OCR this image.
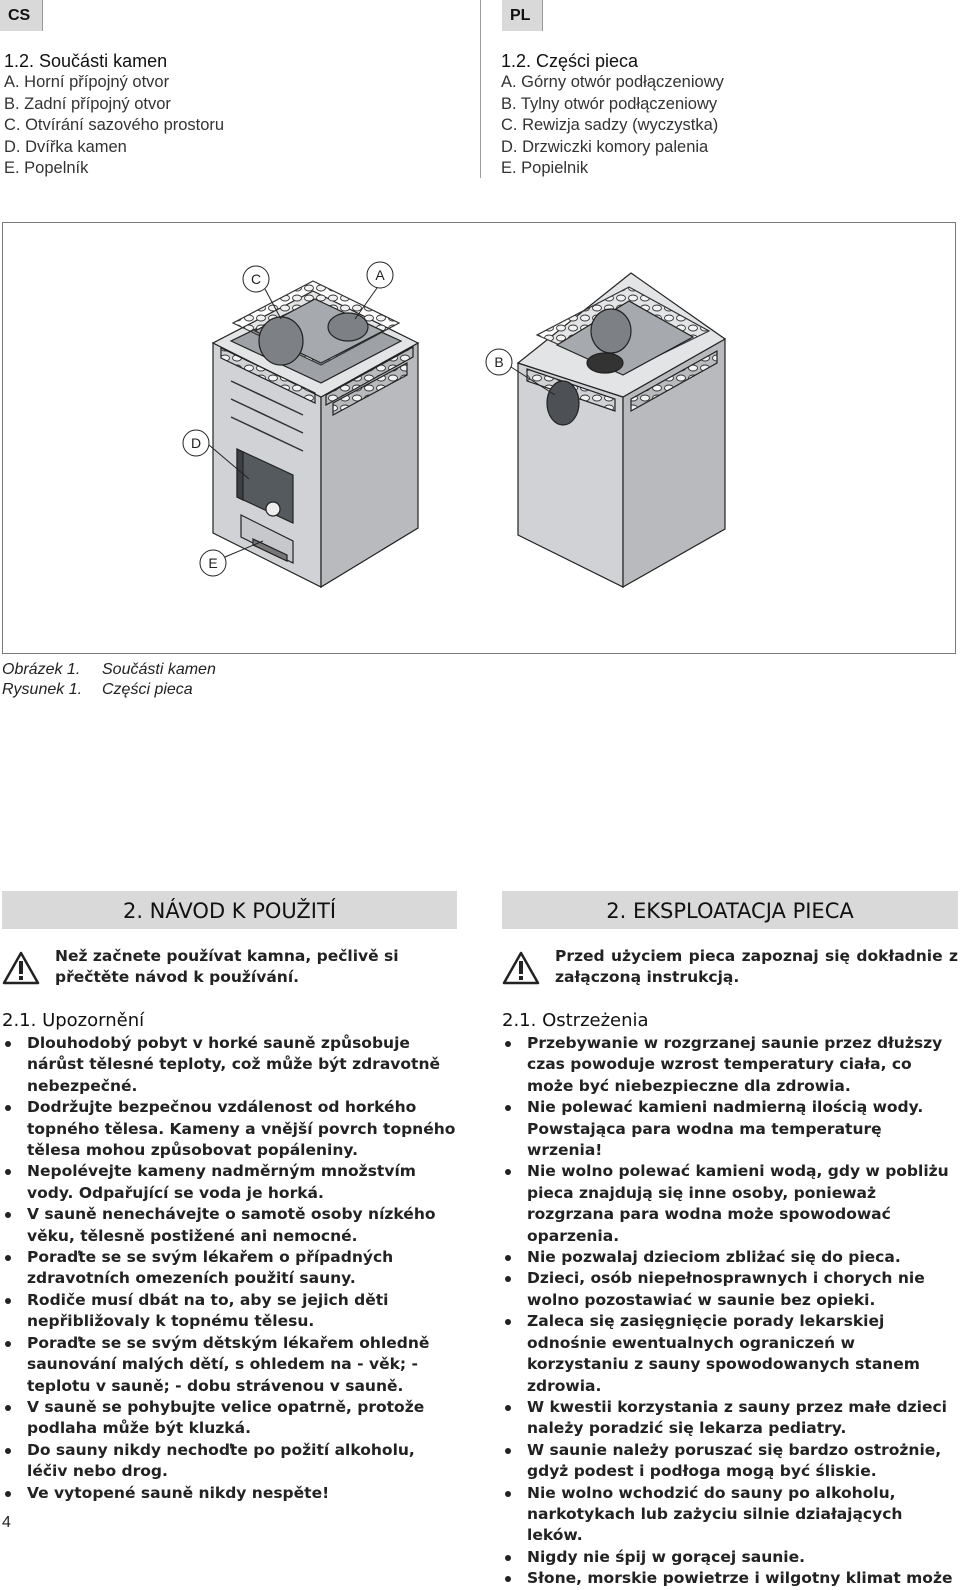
CS	PL
1.2. Součásti kamen
A. Horní přípojný otvor
B. Zadní přípojný otvor
C. Otvírání sazového prostoru
D. Dvířka kamen
E. Popelník
1.2. Części pieca
A. Górny otwór podłączeniowy
B. Tylny otwór podłączeniowy
C. Rewizja sadzy (wyczystka)
D. Drzwiczki komory palenia
E. Popielnik
C	A
B
D
E
Obrázek 1. Součásti kamen
Rysunek 1. Części pieca
2. NÁVOD K POUŽITÍ	2. EKSPLOATACJA PIECA
Než začnete používat kamna, pečlivě si přečtěte návod k používání.
Przed użyciem pieca zapoznaj się dokładnie z załączoną instrukcją.
2.1. Upozornění	2.1. Ostrzeżenia
Dlouhodobý pobyt v horké sauně způsobuje nárůst tělesné teploty, což může být zdravotně nebezpečné.
Dodržujte bezpečnou vzdálenost od horkého topného tělesa. Kameny a vnější povrch topného tělesa mohou způsobovat popáleniny.
Nepolévejte kameny nadměrným množstvím vody. Odpařující se voda je horká.
V sauně nenechávejte o samotě osoby nízkého věku, tělesně postižené ani nemocné.
Poraďte se se svým lékařem o případných zdravotních omezeních použití sauny.
Rodiče musí dbát na to, aby se jejich děti nepřibližovaly k topnému tělesu.
Poraďte se se svým dětským lékařem ohledně saunování malých dětí, s ohledem na - věk; - teplotu v sauně; - dobu strávenou v sauně.
V sauně se pohybujte velice opatrně, protože podlaha může být kluzká.
Do sauny nikdy nechoďte po požití alkoholu, léčiv nebo drog.
Ve vytopené sauně nikdy nespěte!
Przebywanie w rozgrzanej saunie przez dłuższy czas powoduje wzrost temperatury ciała, co może być niebezpieczne dla zdrowia.
Nie polewać kamieni nadmierną ilością wody. Powstająca para wodna ma temperaturę wrzenia!
Nie wolno polewać kamieni wodą, gdy w pobliżu pieca znajdują się inne osoby, ponieważ rozgrzana para wodna może spowodować oparzenia.
Nie pozwalaj dzieciom zbliżać się do pieca.
Dzieci, osób niepełnosprawnych i chorych nie wolno pozostawiać w saunie bez opieki.
Zaleca się zasięgnięcie porady lekarskiej odnośnie ewentualnych ograniczeń w korzystaniu z sauny spowodowanych stanem zdrowia.
W kwestii korzystania z sauny przez małe dzieci należy poradzić się lekarza pediatry.
W saunie należy poruszać się bardzo ostrożnie, gdyż podest i podłoga mogą być śliskie.
Nie wolno wchodzić do sauny po alkoholu, narkotykach lub zażyciu silnie działających leków.
Nigdy nie śpij w gorącej saunie.
Słone, morskie powietrze i wilgotny klimat może
4
